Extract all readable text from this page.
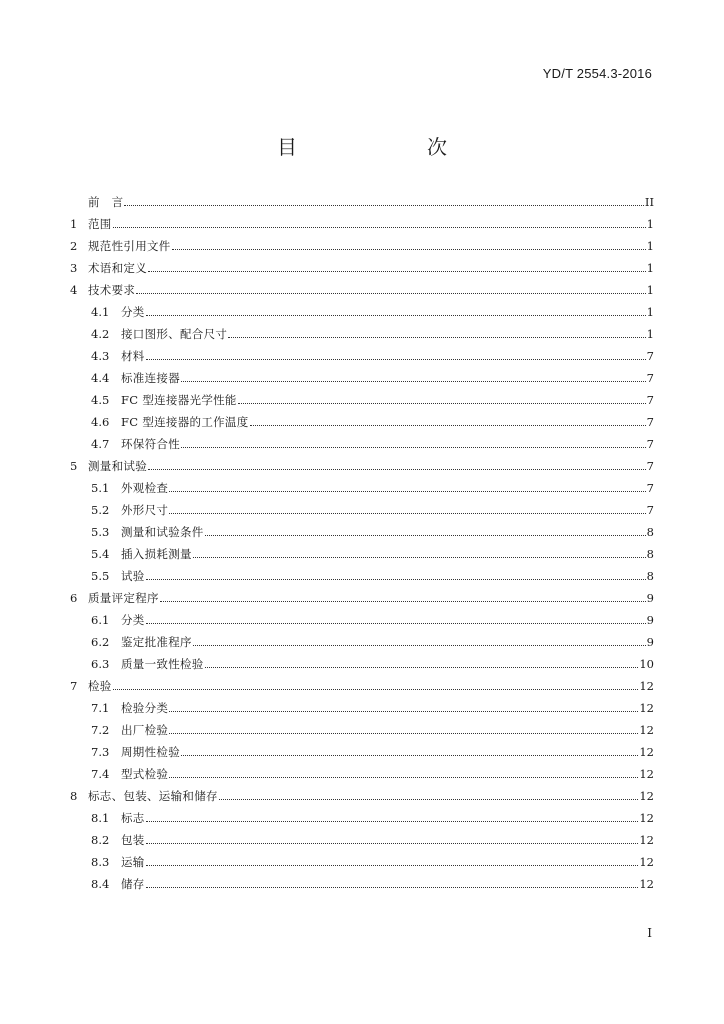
YD/T 2554.3-2016
目　　次
前　言	II
1 范围	1
2 规范性引用文件	1
3 术语和定义	1
4 技术要求	1
4.1	分类	1
4.2	接口图形、配合尺寸	1
4.3	材料	7
4.4	标准连接器	7
4.5	FC 型连接器光学性能	7
4.6	FC 型连接器的工作温度	7
4.7	环保符合性	7
5 测量和试验	7
5.1	外观检查	7
5.2	外形尺寸	7
5.3	测量和试验条件	8
5.4	插入损耗测量	8
5.5	试验	8
6 质量评定程序	9
6.1	分类	9
6.2	鉴定批准程序	9
6.3	质量一致性检验	10
7 检验	12
7.1	检验分类	12
7.2	出厂检验	12
7.3	周期性检验	12
7.4	型式检验	12
8 标志、包装、运输和储存	12
8.1	标志	12
8.2	包装	12
8.3	运输	12
8.4	储存	12
I
